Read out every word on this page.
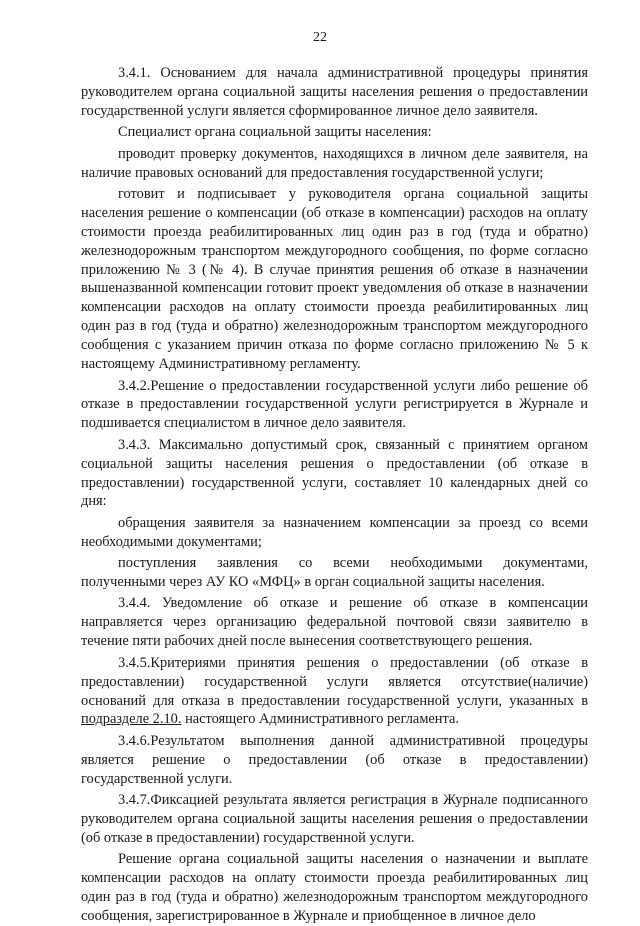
22

3.4.1. Основанием для начала административной процедуры принятия руководителем органа социальной защиты населения решения о предоставлении государственной услуги является сформированное личное дело заявителя.

Специалист органа социальной защиты населения:

проводит проверку документов, находящихся в личном деле заявителя, на наличие правовых оснований для предоставления государственной услуги;

готовит и подписывает у руководителя органа социальной защиты населения решение о компенсации (об отказе в компенсации) расходов на оплату стоимости проезда реабилитированных лиц один раз в год (туда и обратно) железнодорожным транспортом междугородного сообщения, по форме согласно приложению № 3 (№ 4). В случае принятия решения об отказе в назначении вышеназванной компенсации готовит проект уведомления об отказе в назначении компенсации расходов на оплату стоимости проезда реабилитированных лиц один раз в год (туда и обратно) железнодорожным транспортом междугородного сообщения с указанием причин отказа по форме согласно приложению № 5 к настоящему Административному регламенту.

3.4.2.Решение о предоставлении государственной услуги либо решение об отказе в предоставлении государственной услуги регистрируется в Журнале и подшивается специалистом в личное дело заявителя.

3.4.3. Максимально допустимый срок, связанный с принятием органом социальной защиты населения решения о предоставлении (об отказе в предоставлении) государственной услуги, составляет 10 календарных дней со дня:

обращения заявителя за назначением компенсации за проезд со всеми необходимыми документами;

поступления заявления со всеми необходимыми документами, полученными через АУ КО «МФЦ» в орган социальной защиты населения.

3.4.4. Уведомление об отказе и решение об отказе в компенсации направляется через организацию федеральной почтовой связи заявителю в течение пяти рабочих дней после вынесения соответствующего решения.

3.4.5.Критериями принятия решения о предоставлении (об отказе в предоставлении) государственной услуги является отсутствие(наличие) оснований для отказа в предоставлении государственной услуги, указанных в подразделе 2.10. настоящего Административного регламента.

3.4.6.Результатом выполнения данной административной процедуры является решение о предоставлении (об отказе в предоставлении) государственной услуги.

3.4.7.Фиксацией результата является регистрация в Журнале подписанного руководителем органа социальной защиты населения решения о предоставлении (об отказе в предоставлении) государственной услуги.

Решение органа социальной защиты населения о назначении и выплате компенсации расходов на оплату стоимости проезда реабилитированных лиц один раз в год (туда и обратно) железнодорожным транспортом междугородного сообщения, зарегистрированное в Журнале и приобщенное в личное дело
